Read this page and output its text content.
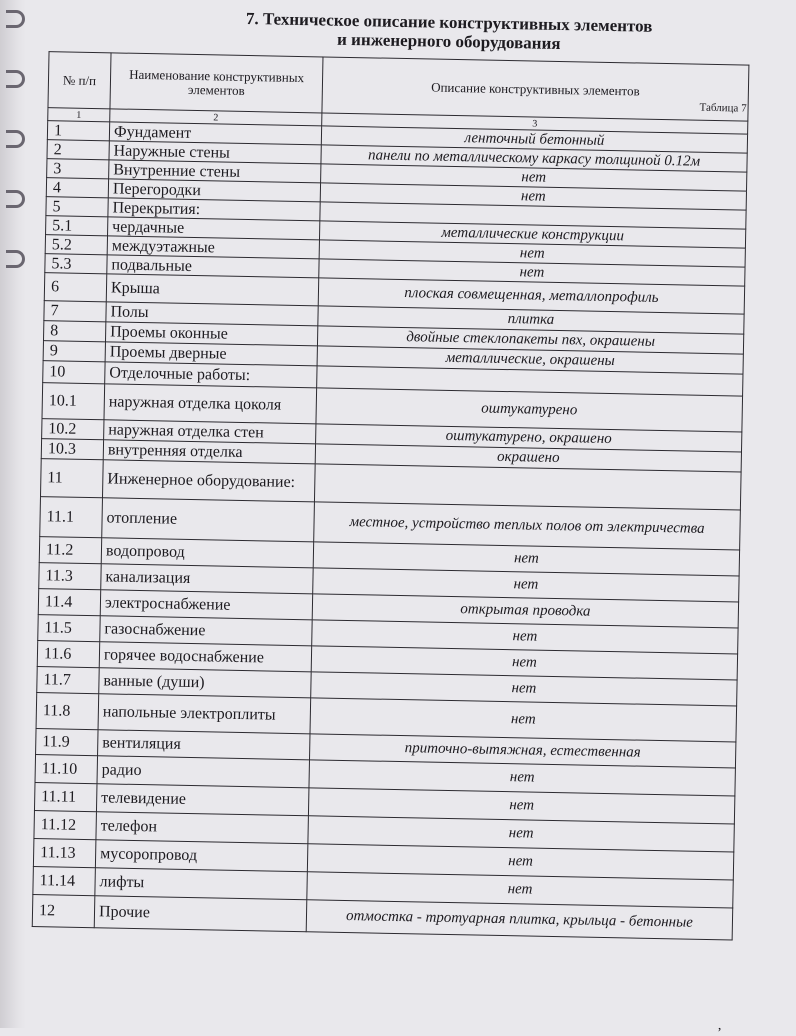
7. Техническое описание конструктивных элементов
и инженерного оборудования
Таблица 7
№ п/п	Наименование конструктивных элементов	Описание конструктивных элементов
1	2	3
1	Фундамент	ленточный бетонный
2	Наружные стены	панели по металлическому каркасу толщиной 0.12м
3	Внутренние стены	нет
4	Перегородки	нет
5	Перекрытия:	
5.1	чердачные	металлические конструкции
5.2	междуэтажные	нет
5.3	подвальные	нет
6	Крыша	плоская совмещенная, металлопрофиль
7	Полы	плитка
8	Проемы оконные	двойные стеклопакеты пвх, окрашены
9	Проемы дверные	металлические, окрашены
10	Отделочные работы:	
10.1	наружная отделка цоколя	оштукатурено
10.2	наружная отделка стен	оштукатурено, окрашено
10.3	внутренняя отделка	окрашено
11	Инженерное оборудование:	
11.1	отопление	местное, устройство теплых полов от электричества
11.2	водопровод	нет
11.3	канализация	нет
11.4	электроснабжение	открытая проводка
11.5	газоснабжение	нет
11.6	горячее водоснабжение	нет
11.7	ванные (души)	нет
11.8	напольные электроплиты	нет
11.9	вентиляция	приточно-вытяжная, естественная
11.10	радио	нет
11.11	телевидение	нет
11.12	телефон	нет
11.13	мусоропровод	нет
11.14	лифты	нет
12	Прочие	отмостка - тротуарная плитка, крыльца - бетонные
,
